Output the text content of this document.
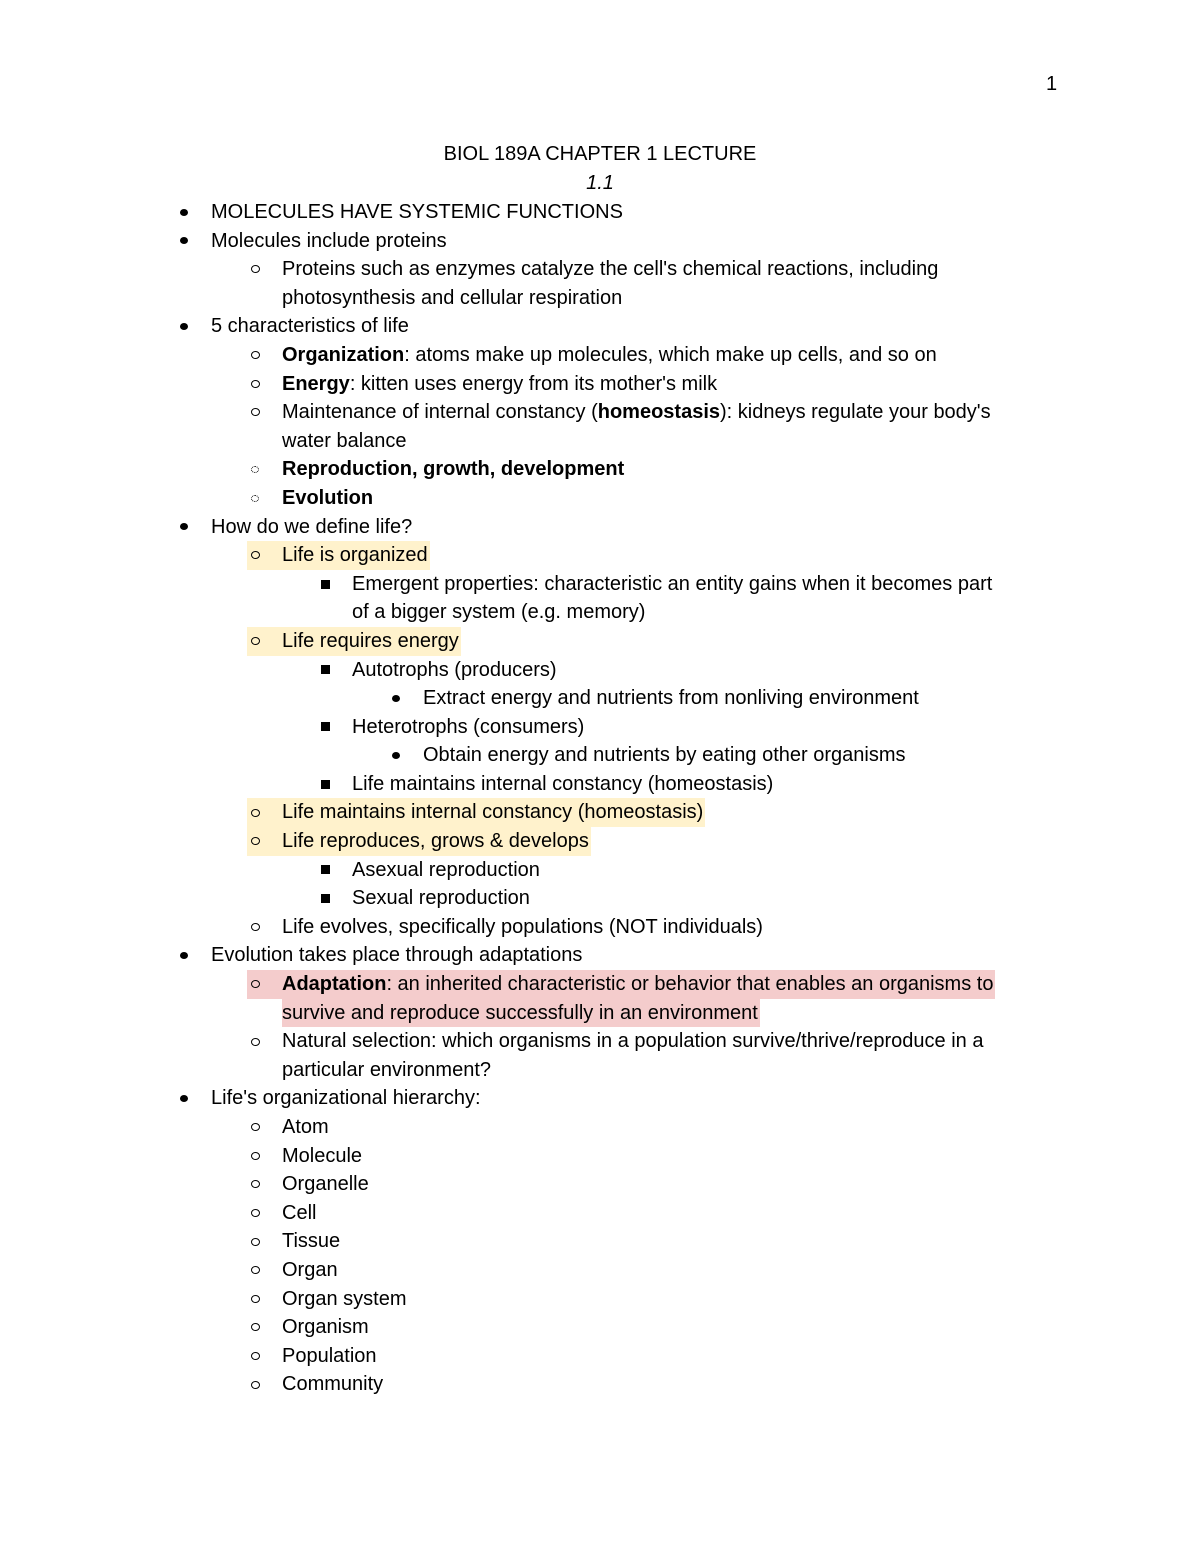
1
BIOL 189A CHAPTER 1 LECTURE
1.1
MOLECULES HAVE SYSTEMIC FUNCTIONS
Molecules include proteins
Proteins such as enzymes catalyze the cell's chemical reactions, including
photosynthesis and cellular respiration
5 characteristics of life
Organization: atoms make up molecules, which make up cells, and so on
Energy: kitten uses energy from its mother's milk
Maintenance of internal constancy (homeostasis): kidneys regulate your body's
water balance
Reproduction, growth, development
Evolution
How do we define life?
Life is organized
Emergent properties: characteristic an entity gains when it becomes part
of a bigger system (e.g. memory)
Life requires energy
Autotrophs (producers)
Extract energy and nutrients from nonliving environment
Heterotrophs (consumers)
Obtain energy and nutrients by eating other organisms
Life maintains internal constancy (homeostasis)
Life maintains internal constancy (homeostasis)
Life reproduces, grows & develops
Asexual reproduction
Sexual reproduction
Life evolves, specifically populations (NOT individuals)
Evolution takes place through adaptations
Adaptation: an inherited characteristic or behavior that enables an organisms to
survive and reproduce successfully in an environment
Natural selection: which organisms in a population survive/thrive/reproduce in a
particular environment?
Life's organizational hierarchy:
Atom
Molecule
Organelle
Cell
Tissue
Organ
Organ system
Organism
Population
Community
